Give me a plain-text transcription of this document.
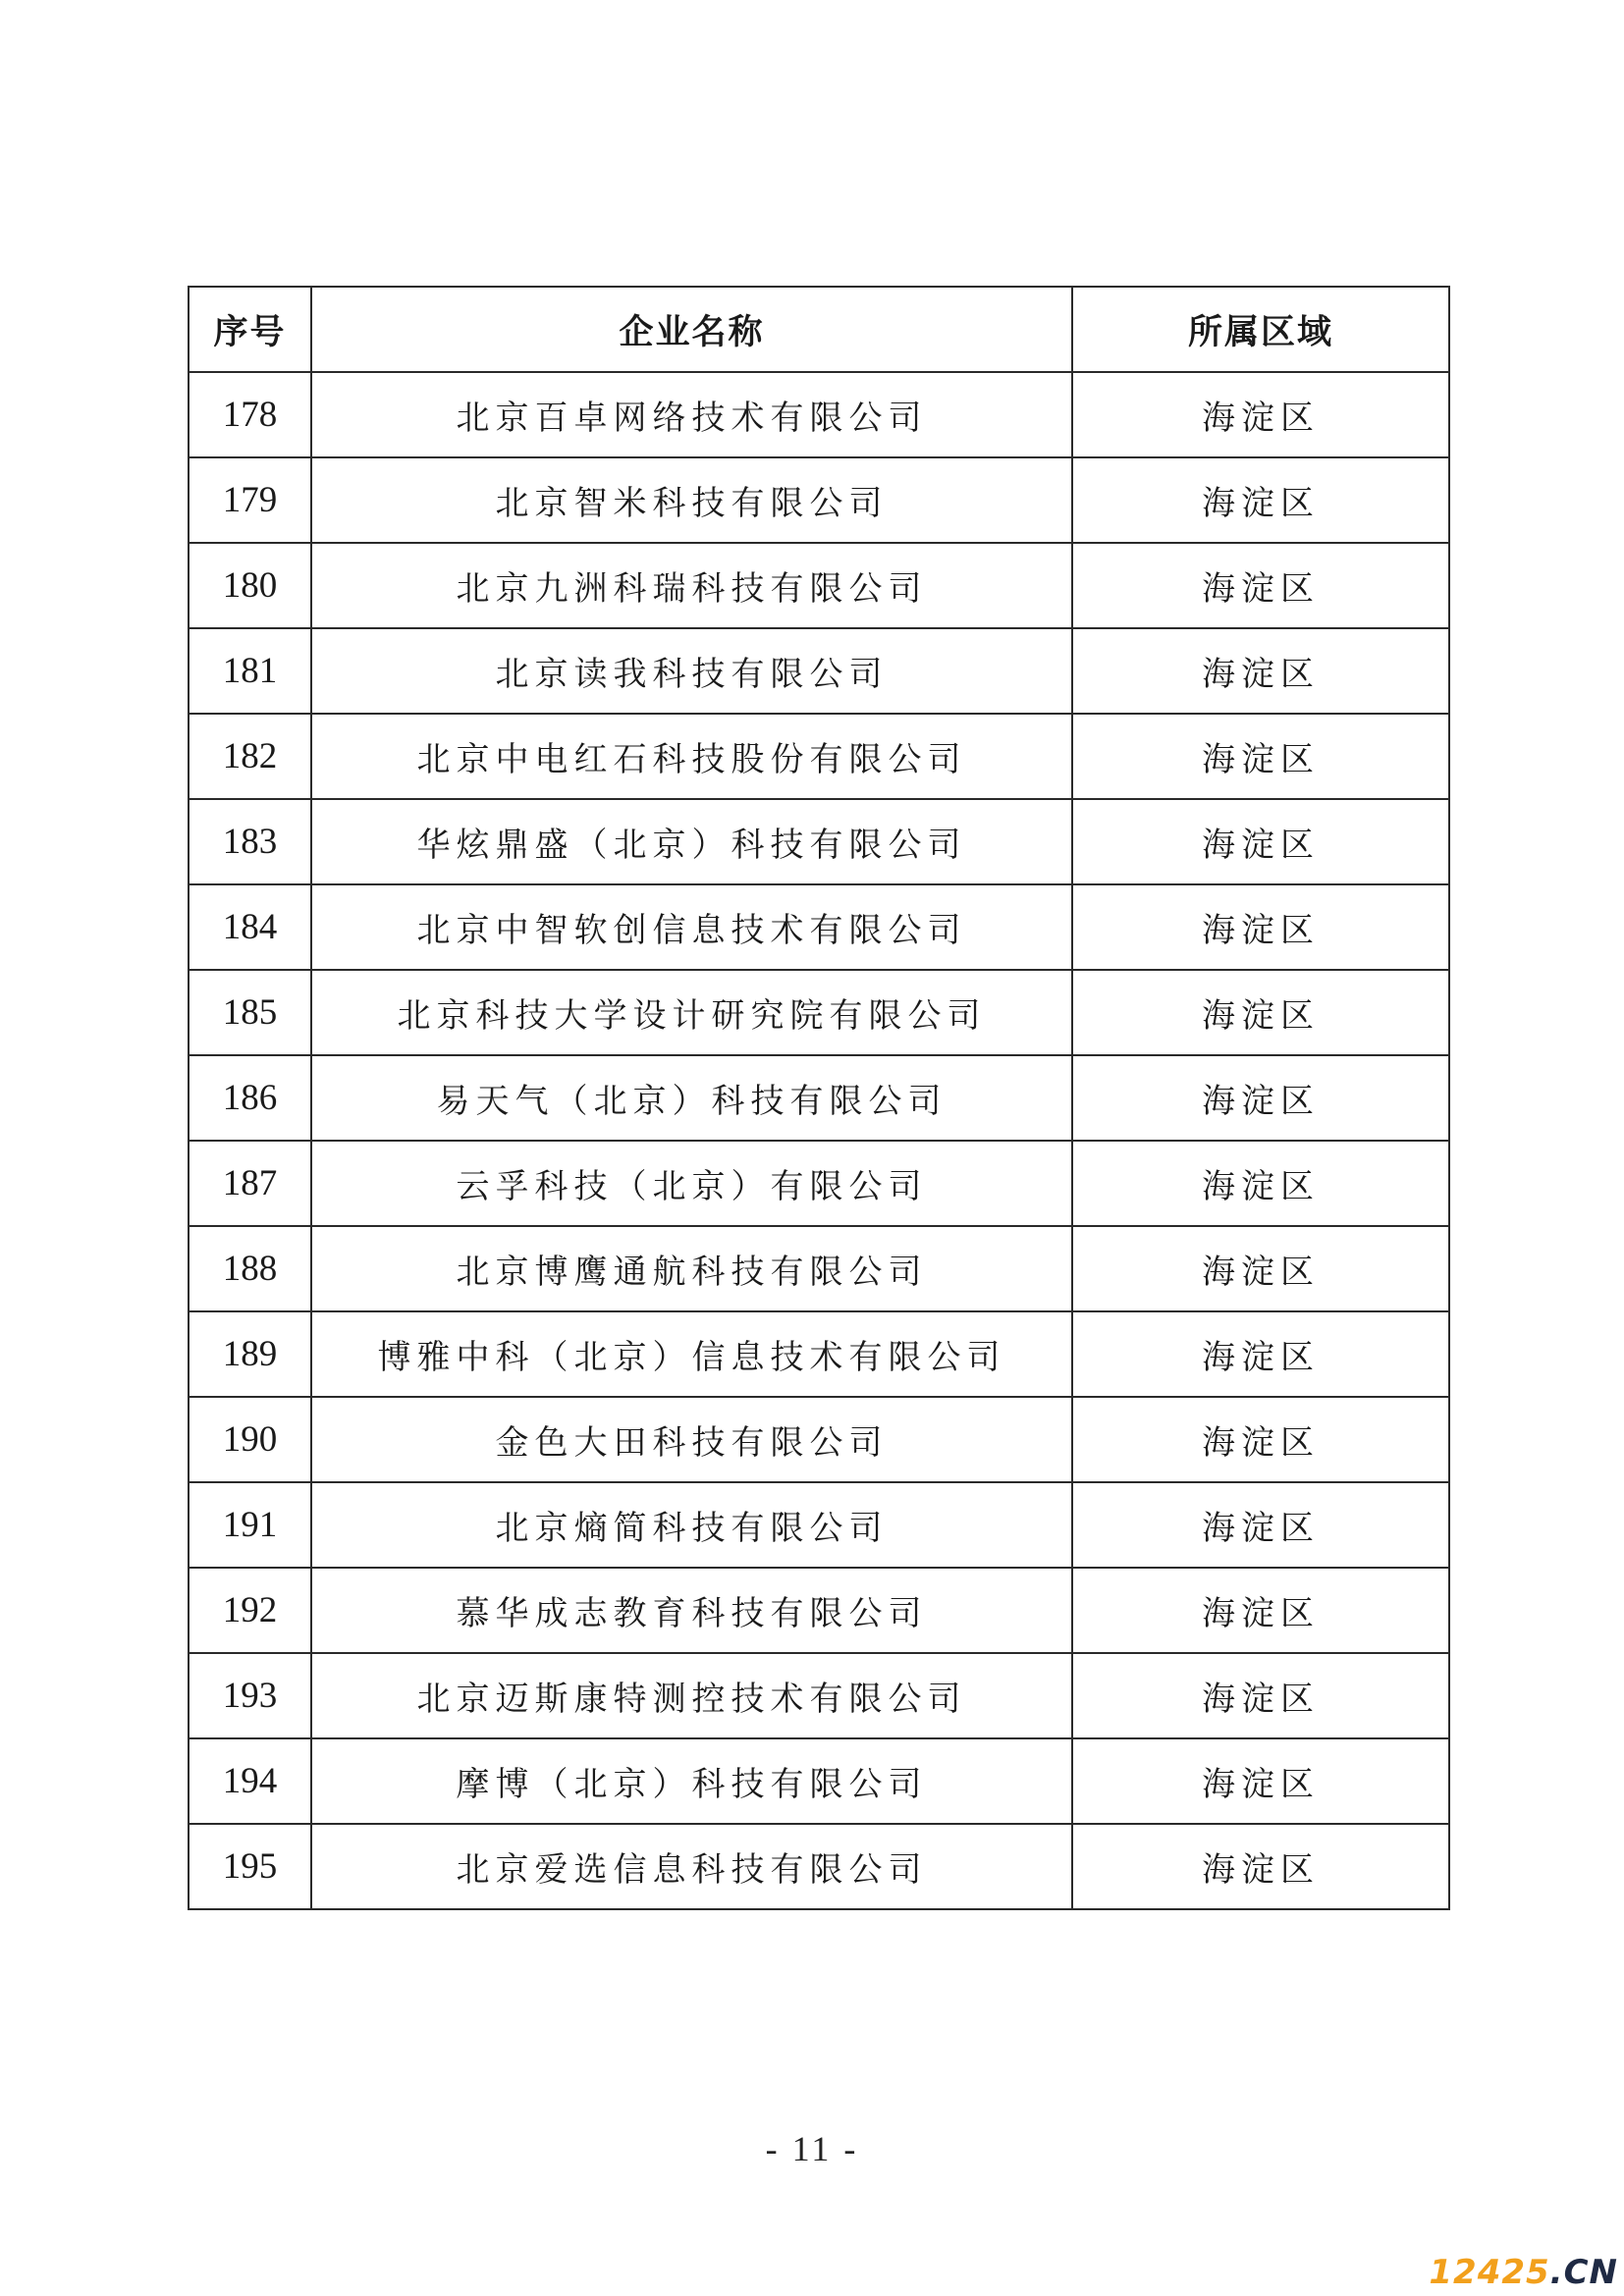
序号	企业名称	所属区域
178	北京百卓网络技术有限公司	海淀区
179	北京智米科技有限公司	海淀区
180	北京九洲科瑞科技有限公司	海淀区
181	北京读我科技有限公司	海淀区
182	北京中电红石科技股份有限公司	海淀区
183	华炫鼎盛（北京）科技有限公司	海淀区
184	北京中智软创信息技术有限公司	海淀区
185	北京科技大学设计研究院有限公司	海淀区
186	易天气（北京）科技有限公司	海淀区
187	云孚科技（北京）有限公司	海淀区
188	北京博鹰通航科技有限公司	海淀区
189	博雅中科（北京）信息技术有限公司	海淀区
190	金色大田科技有限公司	海淀区
191	北京熵简科技有限公司	海淀区
192	慕华成志教育科技有限公司	海淀区
193	北京迈斯康特测控技术有限公司	海淀区
194	摩博（北京）科技有限公司	海淀区
195	北京爱选信息科技有限公司	海淀区
- 11 -
12425.CN
